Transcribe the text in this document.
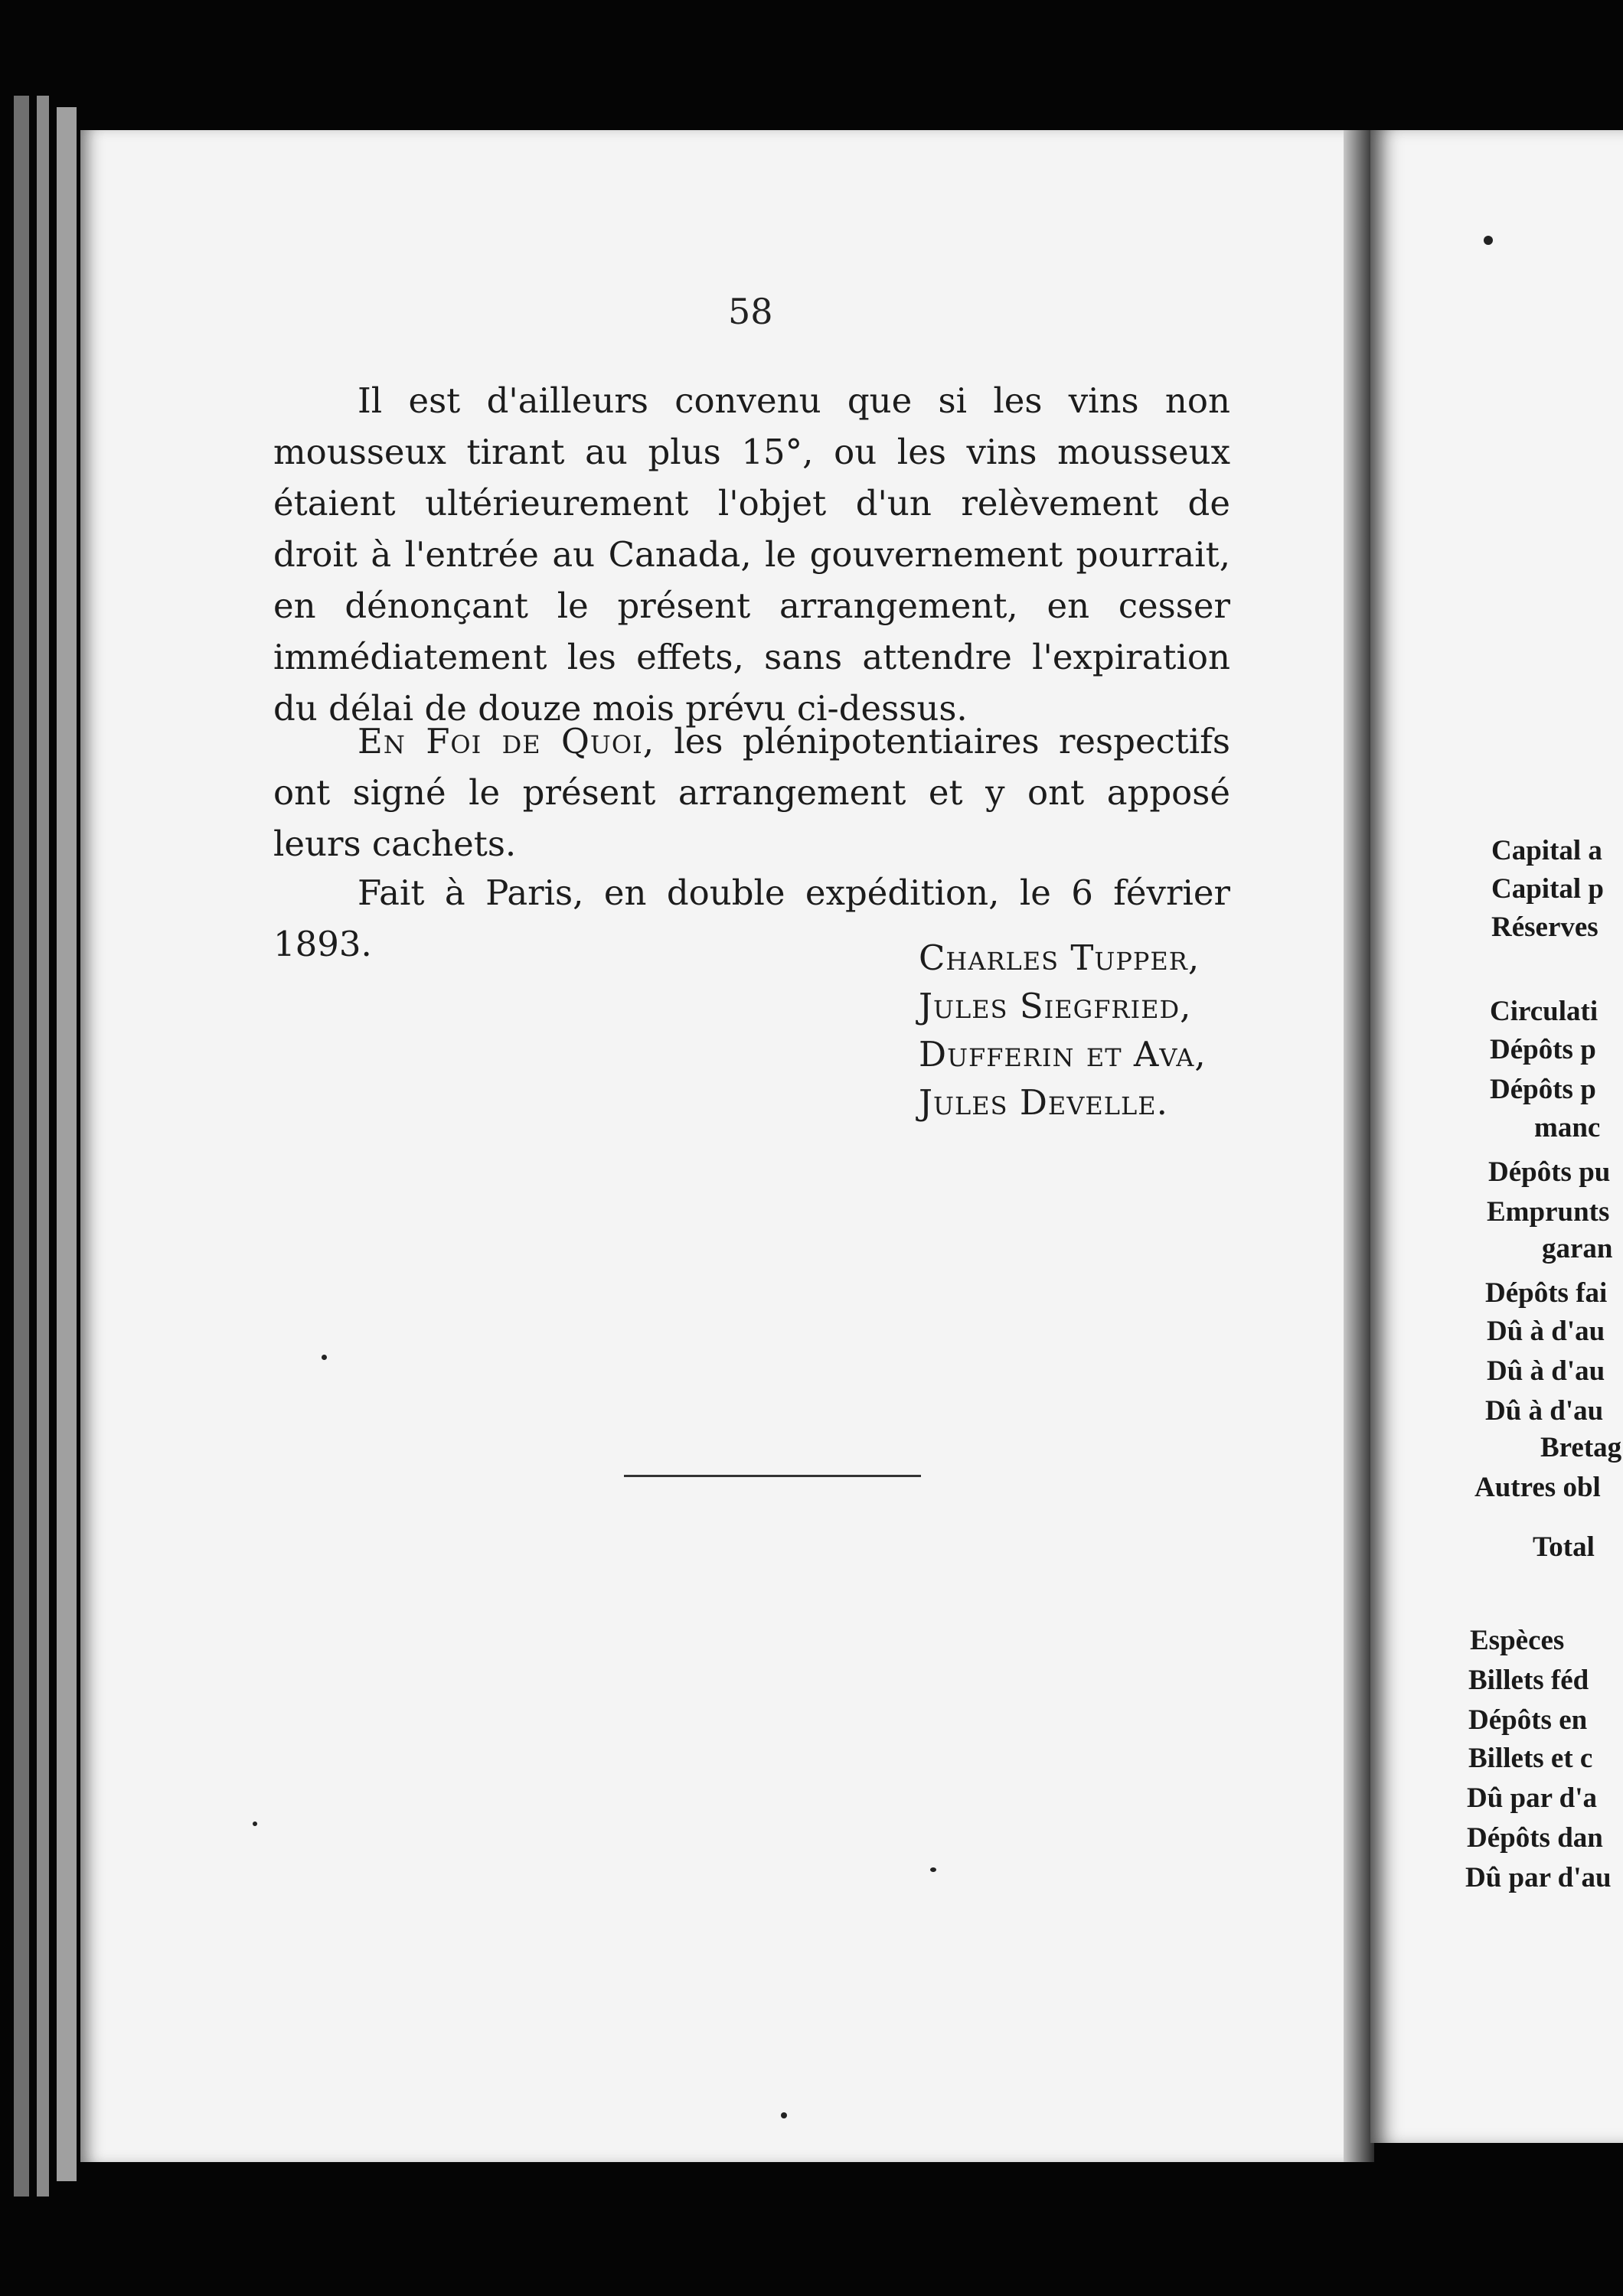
58

Il est d'ailleurs convenu que si les vins non mousseux tirant au plus 15°, ou les vins mousseux étaient ultérieurement l'objet d'un relèvement de droit à l'entrée au Canada, le gouvernement pourrait, en dénonçant le présent arrangement, en cesser immédiatement les effets, sans attendre l'expiration du délai de douze mois prévu ci-dessus.

En Foi de Quoi, les plénipotentiaires respectifs ont signé le présent arrangement et y ont apposé leurs cachets.

Fait à Paris, en double expédition, le 6 février 1893.	Charles Tupper,
Jules Siegfried,
Dufferin et Ava,
Jules Develle.
Capital a
Capital p
Réserves
Circulati
Dépôts p
Dépôts p
manc
Dépôts pu
Emprunts
garan
Dépôts fai
Dû à d'au
Dû à d'au
Dû à d'au
Bretag
Autres obl
Total
Espèces
Billets féd
Dépôts en
Billets et c
Dû par d'a
Dépôts dan
Dû par d'au
